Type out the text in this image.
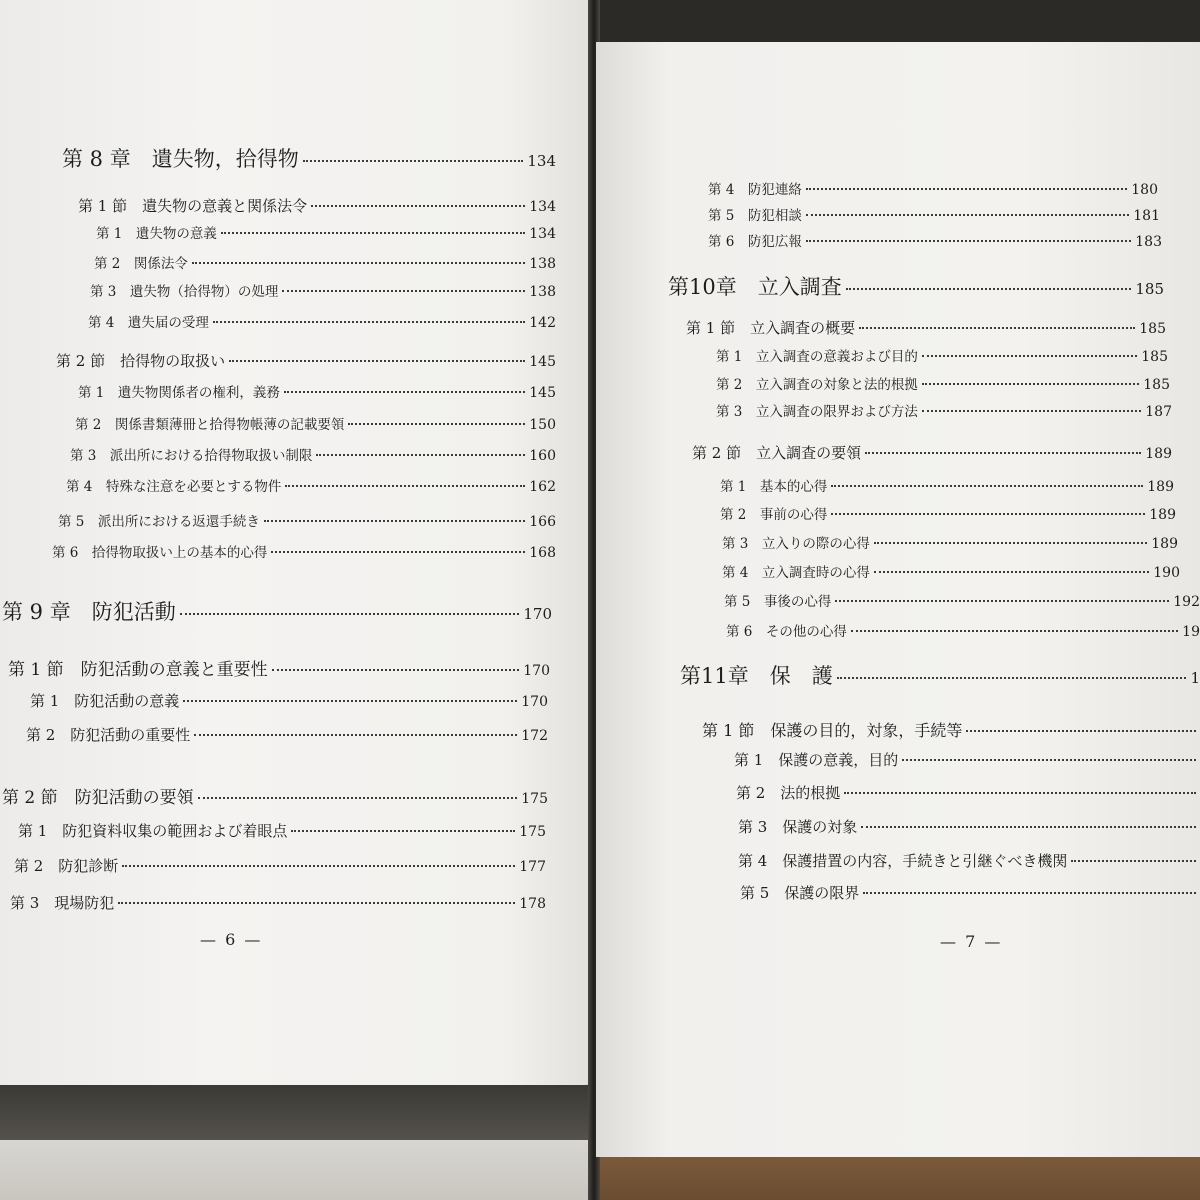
第 8 章　遺失物，拾得物	134
第 1 節　遺失物の意義と関係法令	134
第 1　遺失物の意義	134
第 2　関係法令	138
第 3　遺失物（拾得物）の処理	138
第 4　遺失届の受理	142
第 2 節　拾得物の取扱い	145
第 1　遺失物関係者の権利，義務	145
第 2　関係書類薄冊と拾得物帳薄の記載要領	150
第 3　派出所における拾得物取扱い制限	160
第 4　特殊な注意を必要とする物件	162
第 5　派出所における返還手続き	166
第 6　拾得物取扱い上の基本的心得	168
第 9 章　防犯活動	170
第 1 節　防犯活動の意義と重要性	170
第 1　防犯活動の意義	170
第 2　防犯活動の重要性	172
第 2 節　防犯活動の要領	175
第 1　防犯資料収集の範囲および着眼点	175
第 2　防犯診断	177
第 3　現場防犯	178
— 6 —
第 4　防犯連絡	180
第 5　防犯相談	181
第 6　防犯広報	183
第10章　立入調査	185
第 1 節　立入調査の概要	185
第 1　立入調査の意義および目的	185
第 2　立入調査の対象と法的根拠	185
第 3　立入調査の限界および方法	187
第 2 節　立入調査の要領	189
第 1　基本的心得	189
第 2　事前の心得	189
第 3　立入りの際の心得	189
第 4　立入調査時の心得	190
第 5　事後の心得	192
第 6　その他の心得	19
第11章　保　護	1
第 1 節　保護の目的，対象，手続等
第 1　保護の意義，目的
第 2　法的根拠
第 3　保護の対象
第 4　保護措置の内容，手続きと引継ぐべき機関
第 5　保護の限界
— 7 —
